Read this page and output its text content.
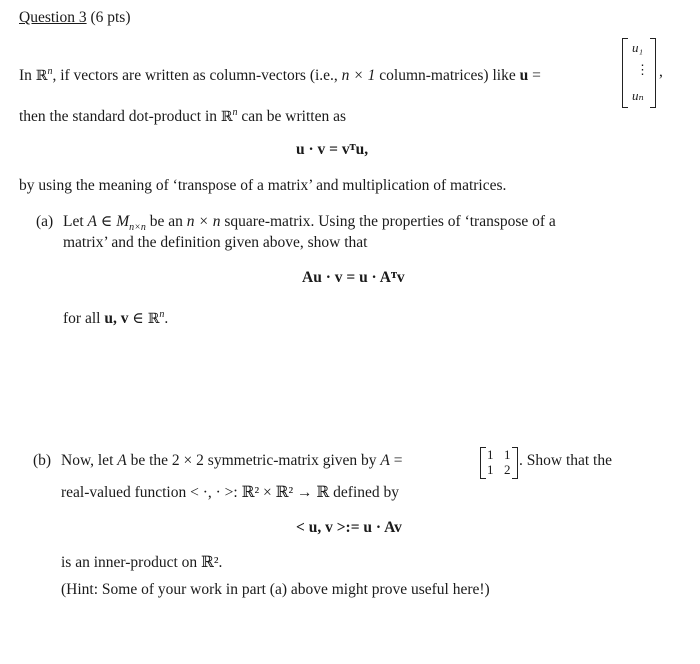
Question 3 (6 pts)
In ℝ$^n$, if vectors are written as column-vectors (i.e., n × 1 column-matrices) like u =
u₁
⋮
uₙ
,
then the standard dot-product in ℝ$^n$ can be written as
u · v = vᵀu,
by using the meaning of ‘transpose of a matrix’ and multiplication of matrices.
(a) Let A ∈ $M_{n\times n}$ be an n × n square-matrix. Using the properties of ‘transpose of a
matrix’ and the definition given above, show that
Au · v = u · Aᵀv
for all u, v ∈ ℝ$^n$.
(b) Now, let A be the 2 × 2 symmetric-matrix given by A =	1 1
1 2
. Show that the
real-valued function < ·, · >: ℝ² × ℝ² → ℝ defined by
< u, v >:= u · Av
is an inner-product on ℝ².
(Hint: Some of your work in part (a) above might prove useful here!)
